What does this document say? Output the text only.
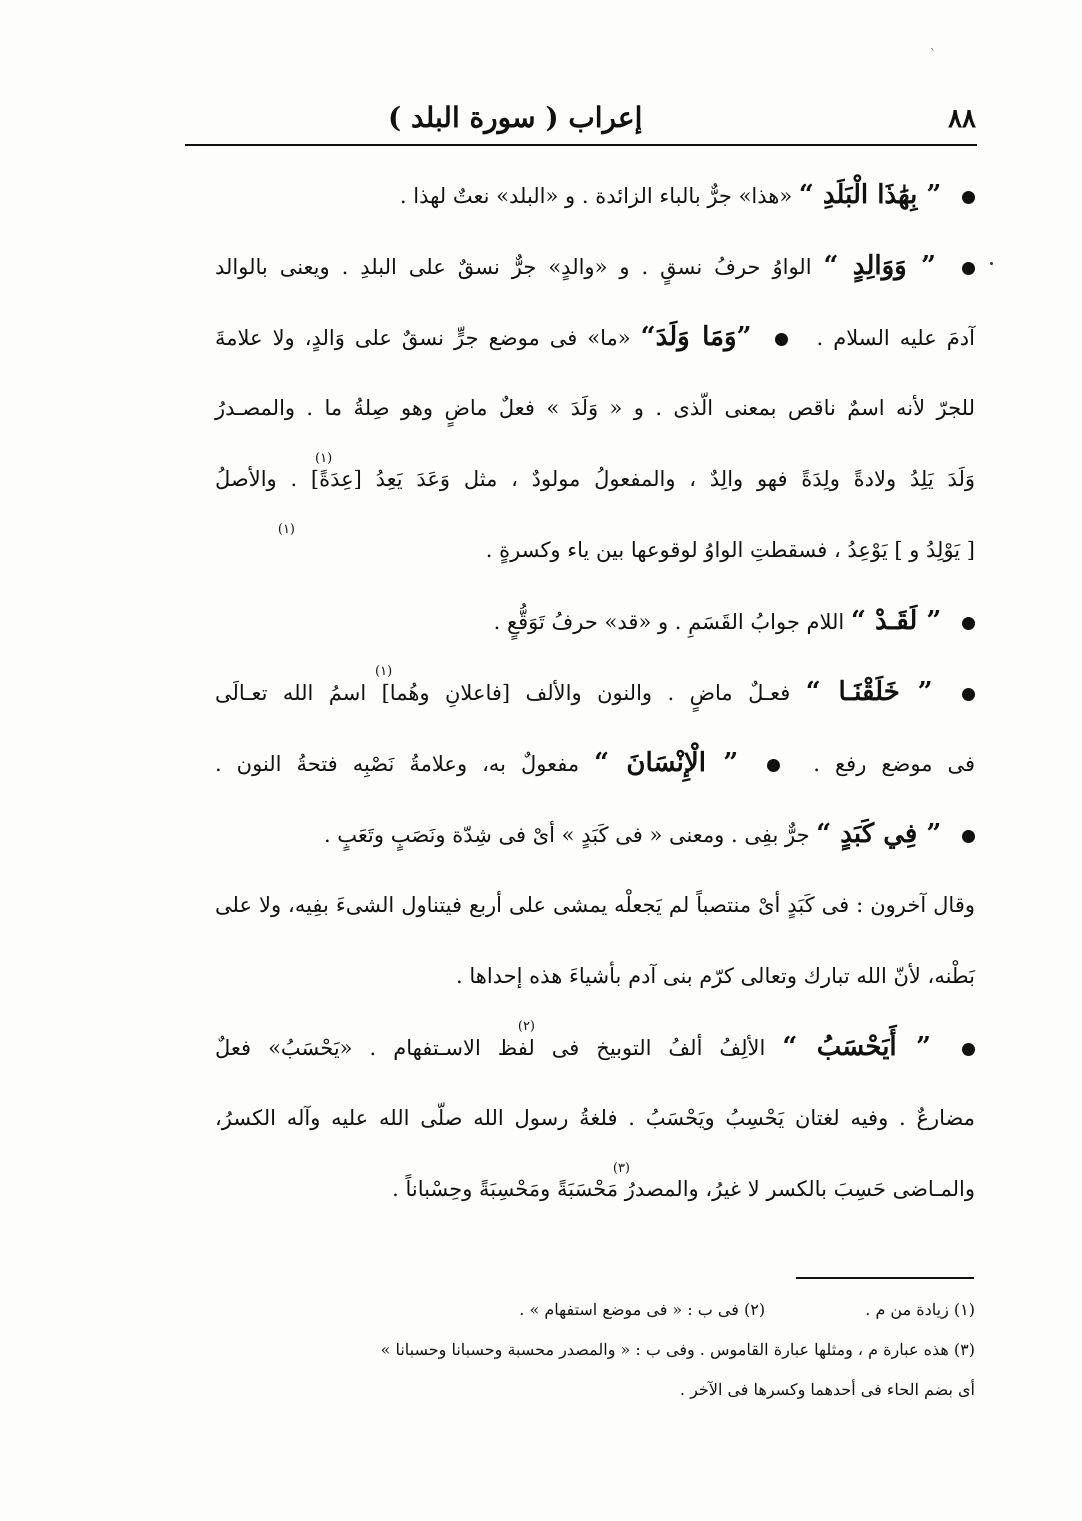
ˋ
٨٨
إعراب ( سورة البلد )
” بِهَٰذَا الْبَلَدِ “ «هذا» جرٌّ بالباء الزائدة . و «البلد» نعتٌ لهذا .
” وَوَالِدٍ “ الواوُ حرفُ نسقٍ . و «والدٍ» جرٌّ نسقٌ على البلدِ . ويعنى بالوالد
آدمَ عليه السلام .  ”وَمَا وَلَدَ“ «ما» فى موضع جرٍّ نسقٌ على وَالدٍ، ولا علامةَ
للجرّ لأنه اسمٌ ناقص بمعنى الّذى . و « وَلَدَ » فعلٌ ماضٍ وهو صِلةُ ما . والمصـدرُ
(١)
وَلَدَ يَلِدُ ولادةً ولِدَةً فهو والِدٌ ، والمفعولُ مولودٌ ، مثل وَعَدَ يَعِدُ [عِدَةً] . والأصلُ
(١)
[ يَوْلِدُ و ] يَوْعِدُ ، فسقطتِ الواوُ لوقوعها بين ياء وكسرةٍ .
” لَقَـدْ “ اللام جوابُ القَسَمِ . و «قد» حرفُ تَوَقُّعٍ .
(١)
” خَلَقْنَـا “ فعـلٌ ماضٍ . والنون والألف [فاعلانِ وهُما] اسمُ الله تعـالَى
فى موضع رفع .  ” الْإِنْسَانَ “ مفعولٌ به، وعلامةُ نَصْبِه فتحةُ النون .
” فِي كَبَدٍ “ جرٌّ بفِى . ومعنى « فى كَبَدٍ » أىْ فى شِدّة ونَصَبٍ وتَعَبٍ .
وقال آخرون : فى كَبَدٍ أىْ منتصباً لم يَجعلْه يمشى على أربع فيتناول الشىءَ بفِيه، ولا على
بَطْنه، لأنّ الله تبارك وتعالى كرّم بنى آدم بأشياءَ هذه إحداها .
(٢)
” أَيَحْسَبُ “ الألِفُ ألفُ التوبيخ فى لفظ الاسـتفهام . «يَحْسَبُ» فعلٌ
مضارعٌ . وفيه لغتان يَحْسِبُ ويَحْسَبُ . فلغةُ رسول الله صلّى الله عليه وآله الكسرُ،
(٣)
والمـاضى حَسِبَ بالكسر لا غيرُ، والمصدرُ مَحْسَبَةً ومَحْسِبَةً وحِسْباناً .
(١) زيادة من م .  (٢) فى ب : « فى موضع استفهام » .
(٣) هذه عبارة م ، ومثلها عبارة القاموس . وفى ب : « والمصدر محسبة وحسبانا وحسبانا »
أى بضم الحاء فى أحدهما وكسرها فى الآخر .
